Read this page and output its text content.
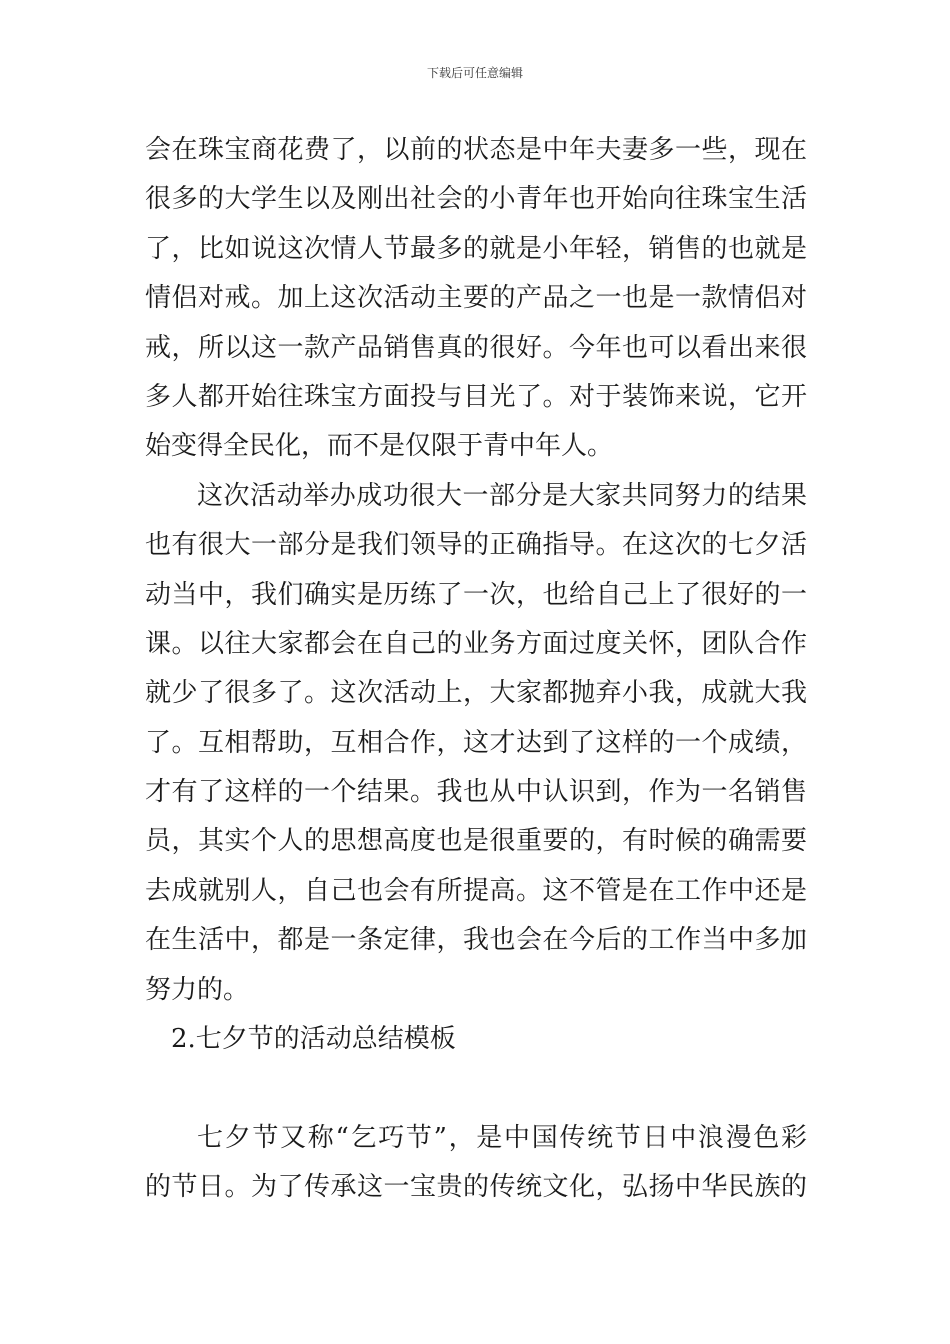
下载后可任意编辑
会在珠宝商花费了，以前的状态是中年夫妻多一些，现在
很多的大学生以及刚出社会的小青年也开始向往珠宝生活
了，比如说这次情人节最多的就是小年轻，销售的也就是
情侣对戒。加上这次活动主要的产品之一也是一款情侣对
戒，所以这一款产品销售真的很好。今年也可以看出来很
多人都开始往珠宝方面投与目光了。对于装饰来说，它开
始变得全民化，而不是仅限于青中年人。
这次活动举办成功很大一部分是大家共同努力的结果
也有很大一部分是我们领导的正确指导。在这次的七夕活
动当中，我们确实是历练了一次，也给自己上了很好的一
课。以往大家都会在自己的业务方面过度关怀，团队合作
就少了很多了。这次活动上，大家都抛弃小我，成就大我
了。互相帮助，互相合作，这才达到了这样的一个成绩，
才有了这样的一个结果。我也从中认识到，作为一名销售
员，其实个人的思想高度也是很重要的，有时候的确需要
去成就别人，自己也会有所提高。这不管是在工作中还是
在生活中，都是一条定律，我也会在今后的工作当中多加
努力的。
2.七夕节的活动总结模板
七夕节又称“乞巧节”，是中国传统节日中浪漫色彩
的节日。为了传承这一宝贵的传统文化，弘扬中华民族的
